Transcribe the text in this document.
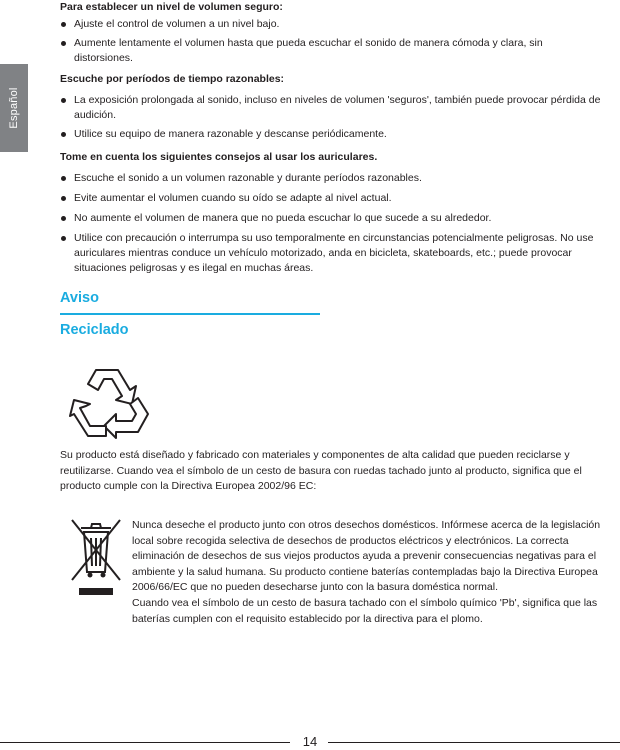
Español

Para establecer un nivel de volumen seguro:

Ajuste el control de volumen a un nivel bajo.
Aumente lentamente el volumen hasta que pueda escuchar el sonido de manera cómoda y clara, sin distorsiones.

Escuche por períodos de tiempo razonables:

La exposición prolongada al sonido, incluso en niveles de volumen 'seguros', también puede provocar pérdida de audición.
Utilice su equipo de manera razonable y descanse periódicamente.

Tome en cuenta los siguientes consejos al usar los auriculares.

Escuche el sonido a un volumen razonable y durante períodos razonables.
Evite aumentar el volumen cuando su oído se adapte al nivel actual.
No aumente el volumen de manera que no pueda escuchar lo que sucede a su alrededor.
Utilice con precaución o interrumpa su uso temporalmente en circunstancias potencialmente peligrosas. No use auriculares mientras conduce un vehículo motorizado, anda en bicicleta, skateboards, etc.; puede provocar situaciones peligrosas y es ilegal en muchas áreas.
Aviso
Reciclado
Su producto está diseñado y fabricado con materiales y componentes de alta calidad que pueden reciclarse y reutilizarse. Cuando vea el símbolo de un cesto de basura con ruedas tachado junto al producto, significa que el producto cumple con la Directiva Europea 2002/96 EC:
Nunca deseche el producto junto con otros desechos domésticos. Infórmese acerca de la legislación local sobre recogida selectiva de desechos de productos eléctricos y electrónicos. La correcta eliminación de desechos de sus viejos productos ayuda a prevenir consecuencias negativas para el ambiente y la salud humana. Su producto contiene baterías contempladas bajo la Directiva Europea 2006/66/EC que no pueden desecharse junto con la basura doméstica normal.
Cuando vea el símbolo de un cesto de basura tachado con el símbolo químico 'Pb', significa que las baterías cumplen con el requisito establecido por la directiva para el plomo.
14
